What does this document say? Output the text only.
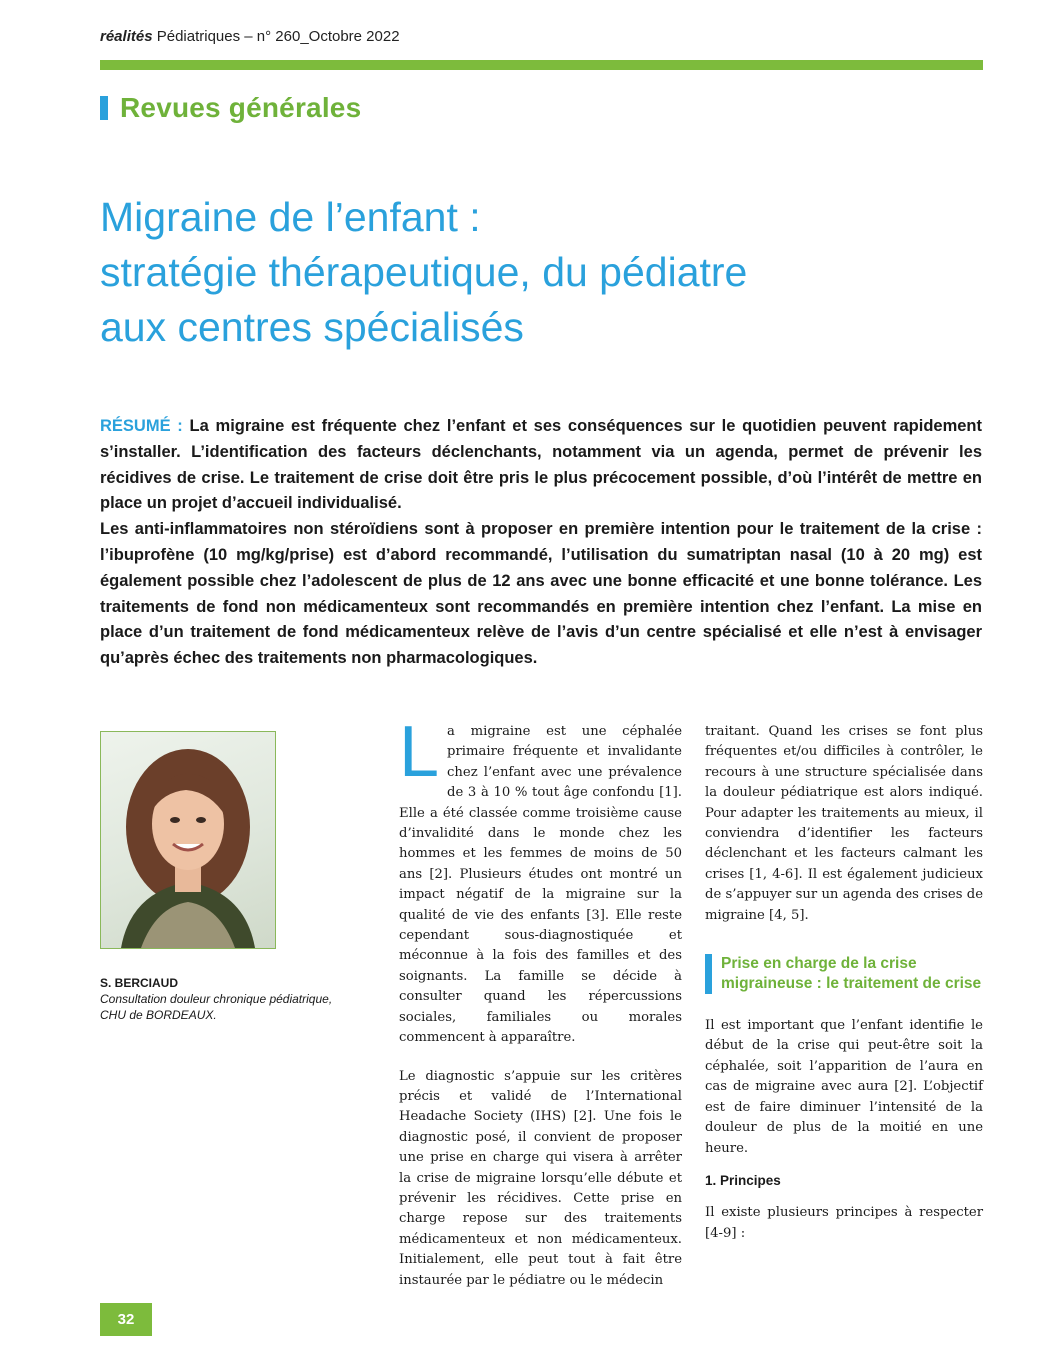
réalités Pédiatriques – n° 260_Octobre 2022
Revues générales
Migraine de l’enfant :
stratégie thérapeutique, du pédiatre
aux centres spécialisés

RÉSUMÉ : La migraine est fréquente chez l’enfant et ses conséquences sur le quotidien peuvent rapidement s’installer. L’identification des facteurs déclenchants, notamment via un agenda, permet de prévenir les récidives de crise. Le traitement de crise doit être pris le plus précocement possible, d’où l’intérêt de mettre en place un projet d’accueil individualisé.

Les anti-inflammatoires non stéroïdiens sont à proposer en première intention pour le traitement de la crise : l’ibuprofène (10 mg/kg/prise) est d’abord recommandé, l’utilisation du sumatriptan nasal (10 à 20 mg) est également possible chez l’adolescent de plus de 12 ans avec une bonne efficacité et une bonne tolérance. Les traitements de fond non médicamenteux sont recommandés en première intention chez l’enfant. La mise en place d’un traitement de fond médicamenteux relève de l’avis d’un centre spécialisé et elle n’est à envisager qu’après échec des traitements non pharmacologiques.

S. BERCIAUD
Consultation douleur chronique pédiatrique,
CHU de BORDEAUX.

La migraine est une céphalée primaire fréquente et invalidante chez l’enfant avec une prévalence de 3 à 10 % tout âge confondu [1]. Elle a été classée comme troisième cause d’invalidité dans le monde chez les hommes et les femmes de moins de 50 ans [2]. Plusieurs études ont montré un impact négatif de la migraine sur la qualité de vie des enfants [3]. Elle reste cependant sous-diagnostiquée et méconnue à la fois des familles et des soignants. La famille se décide à consulter quand les répercussions sociales, familiales ou morales commencent à apparaître.

Le diagnostic s’appuie sur les critères précis et validé de l’International Headache Society (IHS) [2]. Une fois le diagnostic posé, il convient de proposer une prise en charge qui visera à arrêter la crise de migraine lorsqu’elle débute et prévenir les récidives. Cette prise en charge repose sur des traitements médicamenteux et non médicamenteux. Initialement, elle peut tout à fait être instaurée par le pédiatre ou le médecin

traitant. Quand les crises se font plus fréquentes et/ou difficiles à contrôler, le recours à une structure spécialisée dans la douleur pédiatrique est alors indiqué. Pour adapter les traitements au mieux, il conviendra d’identifier les facteurs déclenchant et les facteurs calmant les crises [1, 4-6]. Il est également judicieux de s’appuyer sur un agenda des crises de migraine [4, 5].

Prise en charge de la crise migraineuse : le traitement de crise

Il est important que l’enfant identifie le début de la crise qui peut-être soit la céphalée, soit l’apparition de l’aura en cas de migraine avec aura [2]. L’objectif est de faire diminuer l’intensité de la douleur de plus de la moitié en une heure.

1. Principes

Il existe plusieurs principes à respecter [4-9] :

32
